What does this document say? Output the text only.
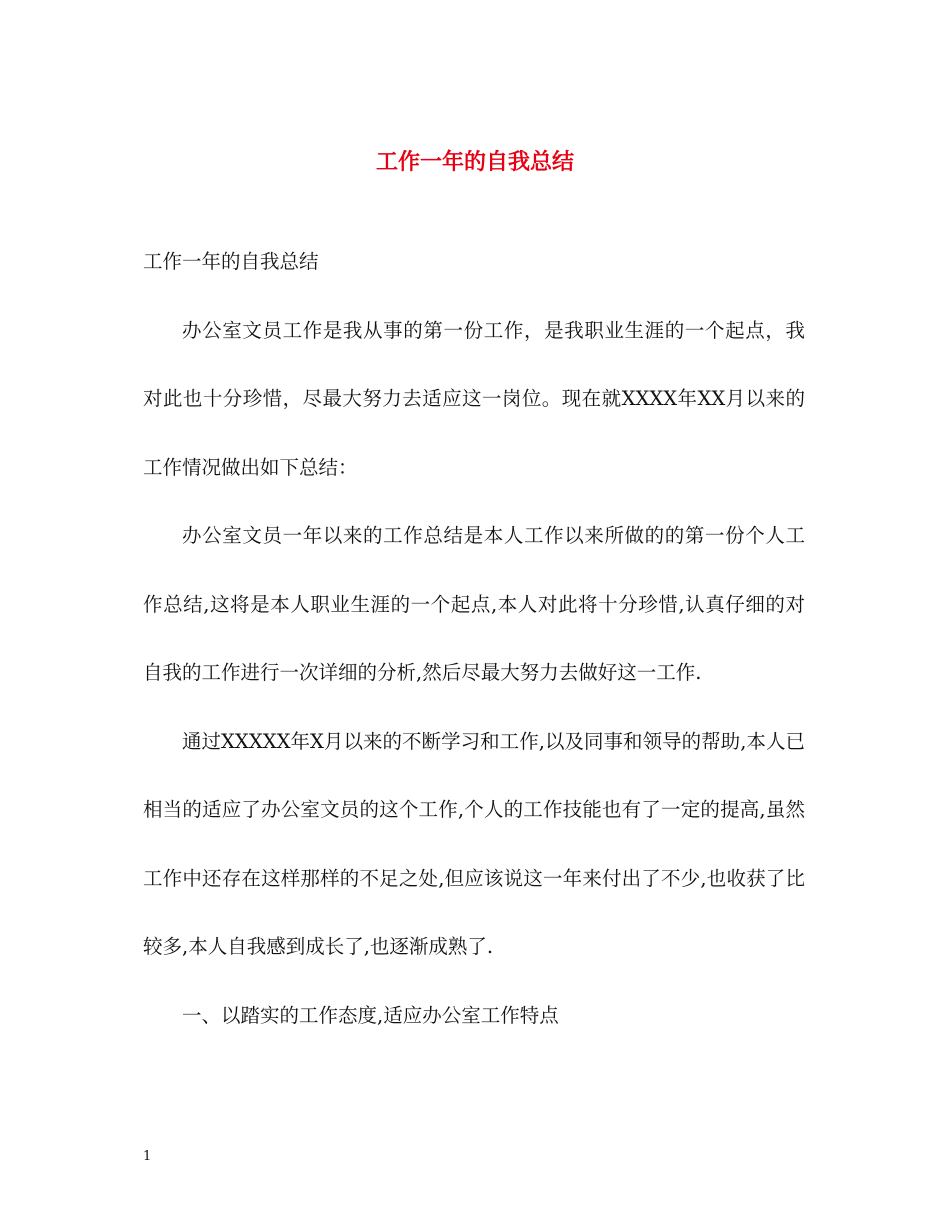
工作一年的自我总结

工作一年的自我总结

办公室文员工作是我从事的第一份工作，是我职业生涯的一个起点，我对此也十分珍惜，尽最大努力去适应这一岗位。现在就XXXX年XX月以来的工作情况做出如下总结：

办公室文员一年以来的工作总结是本人工作以来所做的的第一份个人工作总结,这将是本人职业生涯的一个起点,本人对此将十分珍惜,认真仔细的对自我的工作进行一次详细的分析,然后尽最大努力去做好这一工作.

通过XXXXX年X月以来的不断学习和工作,以及同事和领导的帮助,本人已相当的适应了办公室文员的这个工作,个人的工作技能也有了一定的提高,虽然工作中还存在这样那样的不足之处,但应该说这一年来付出了不少,也收获了比较多,本人自我感到成长了,也逐渐成熟了.

一、以踏实的工作态度,适应办公室工作特点

1
